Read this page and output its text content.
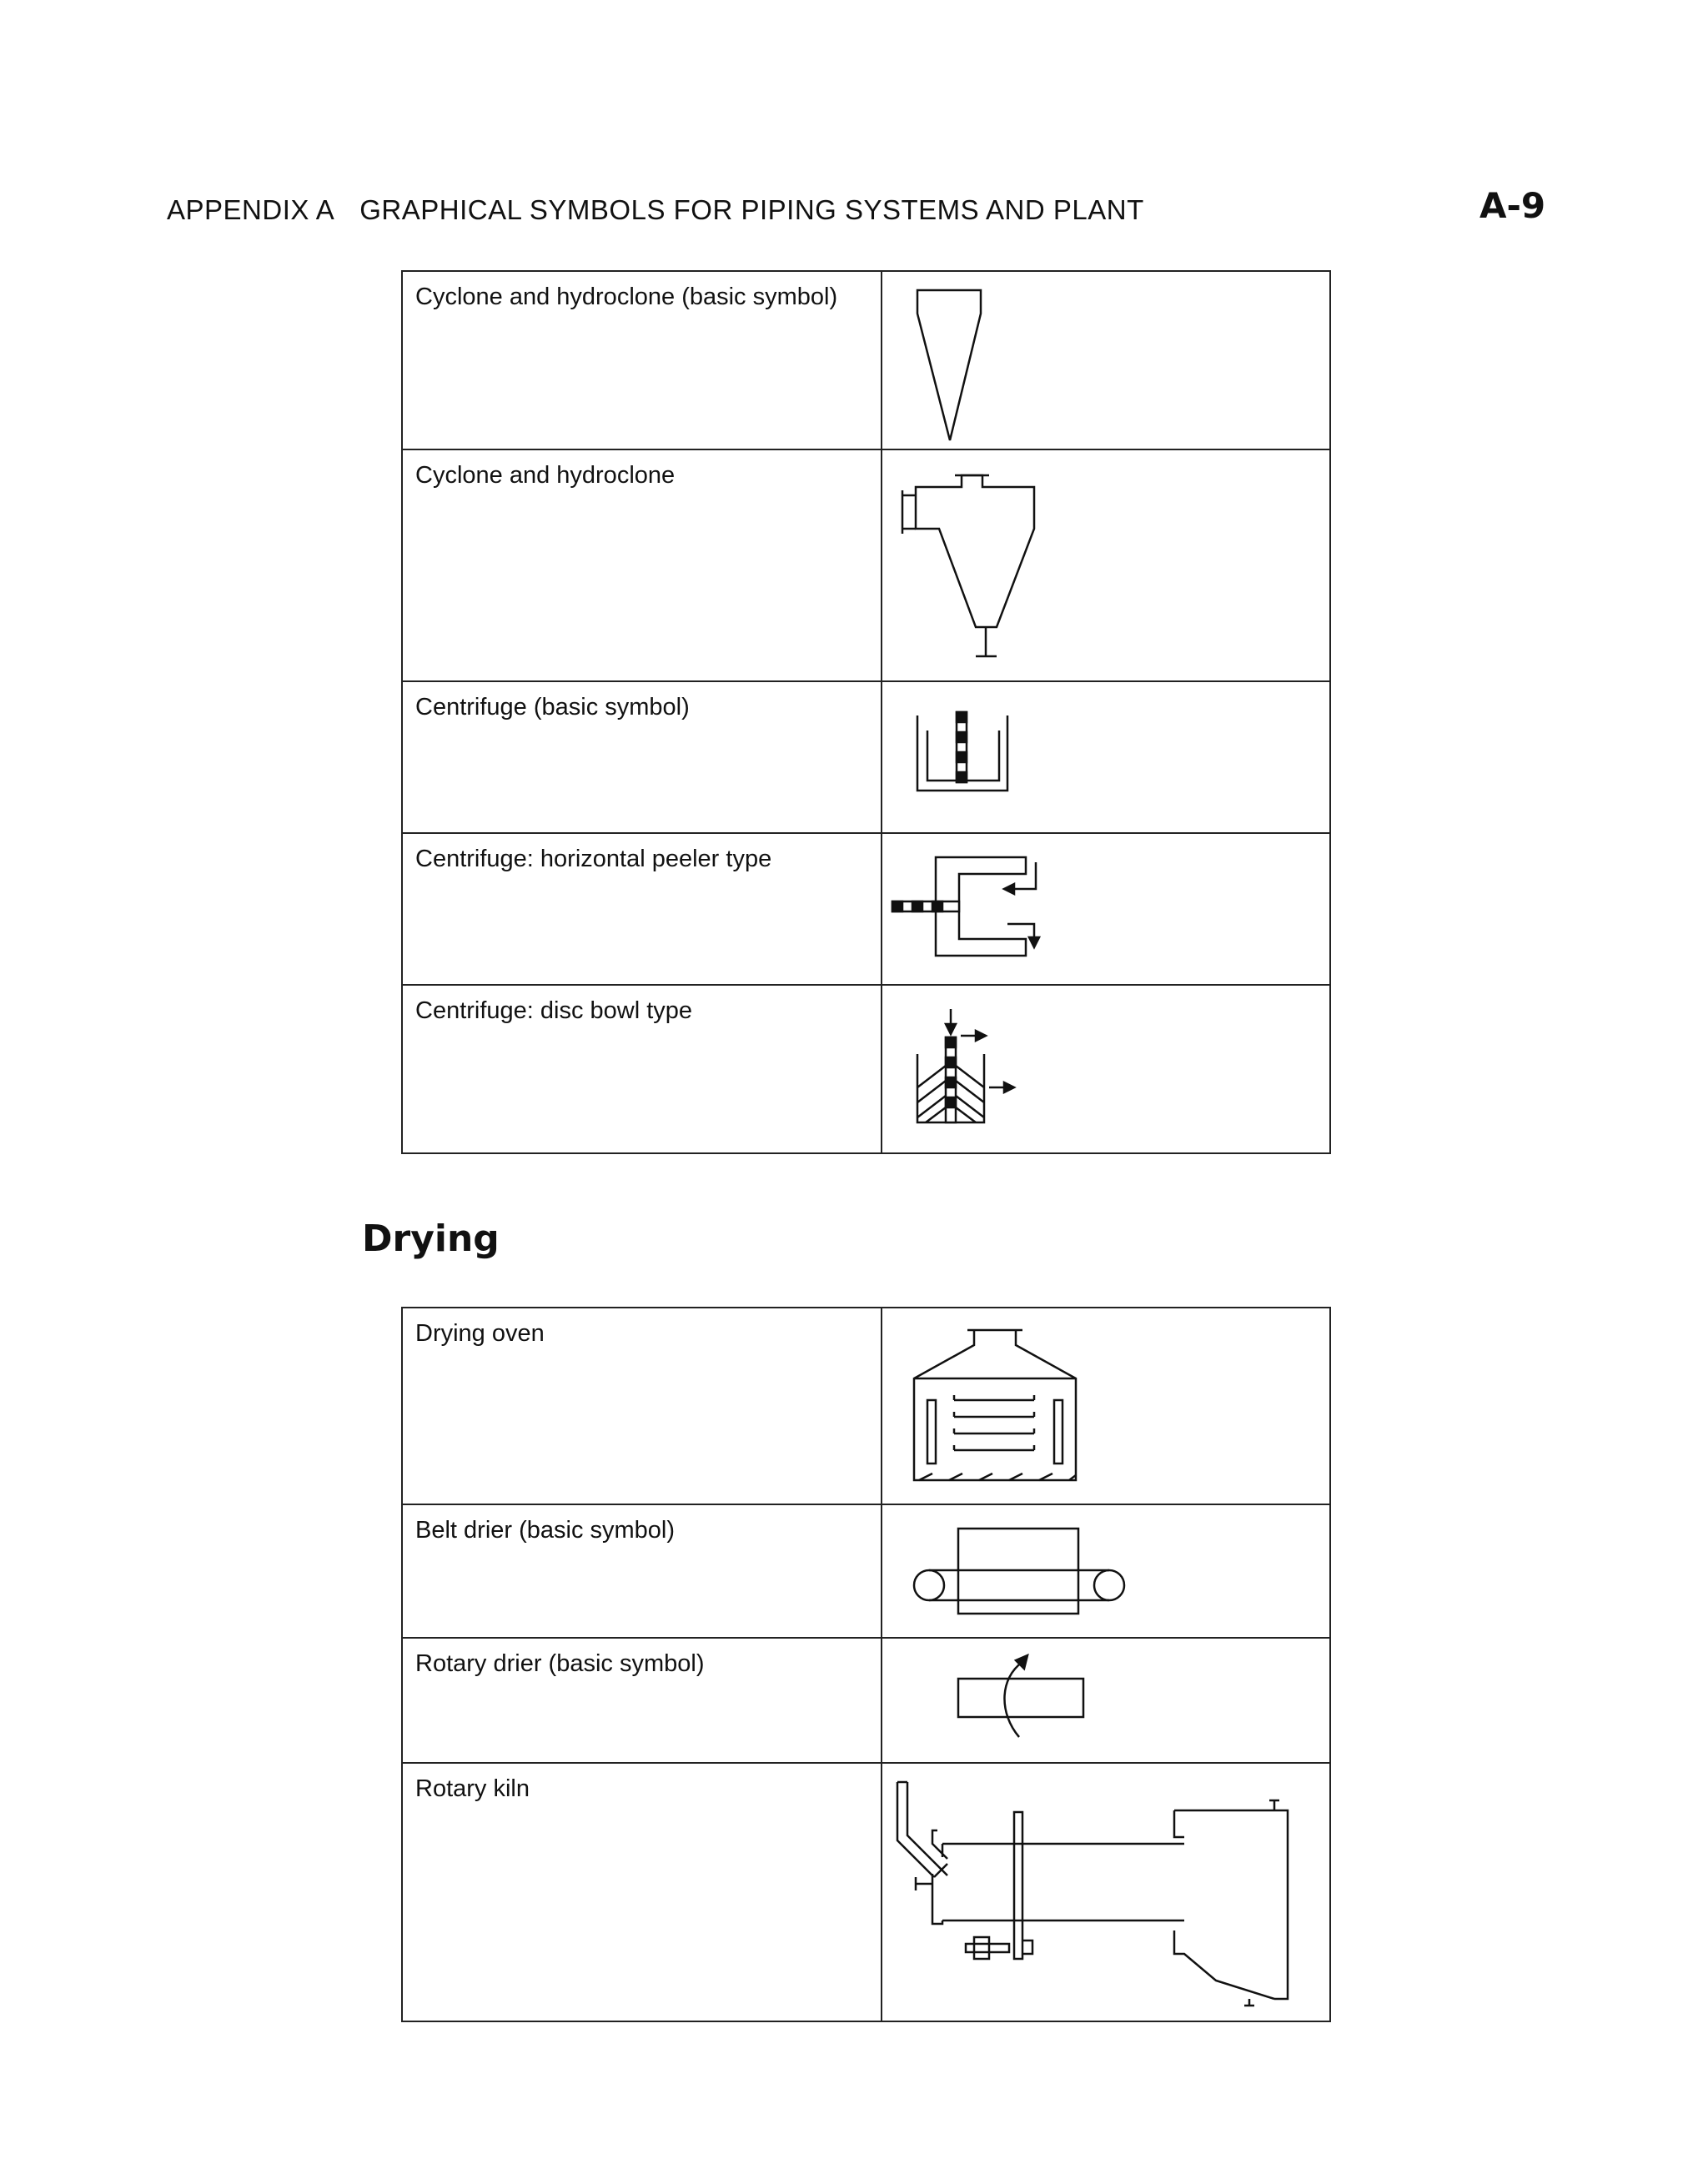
APPENDIX A GRAPHICAL SYMBOLS FOR PIPING SYSTEMS AND PLANT	A-9
Cyclone and hydroclone (basic symbol)	

Cyclone and hydroclone	

Centrifuge (basic symbol)	

Centrifuge: horizontal peeler type	

Centrifuge: disc bowl type	
Drying
Drying oven	

Belt drier (basic symbol)	

Rotary drier (basic symbol)	

Rotary kiln	
